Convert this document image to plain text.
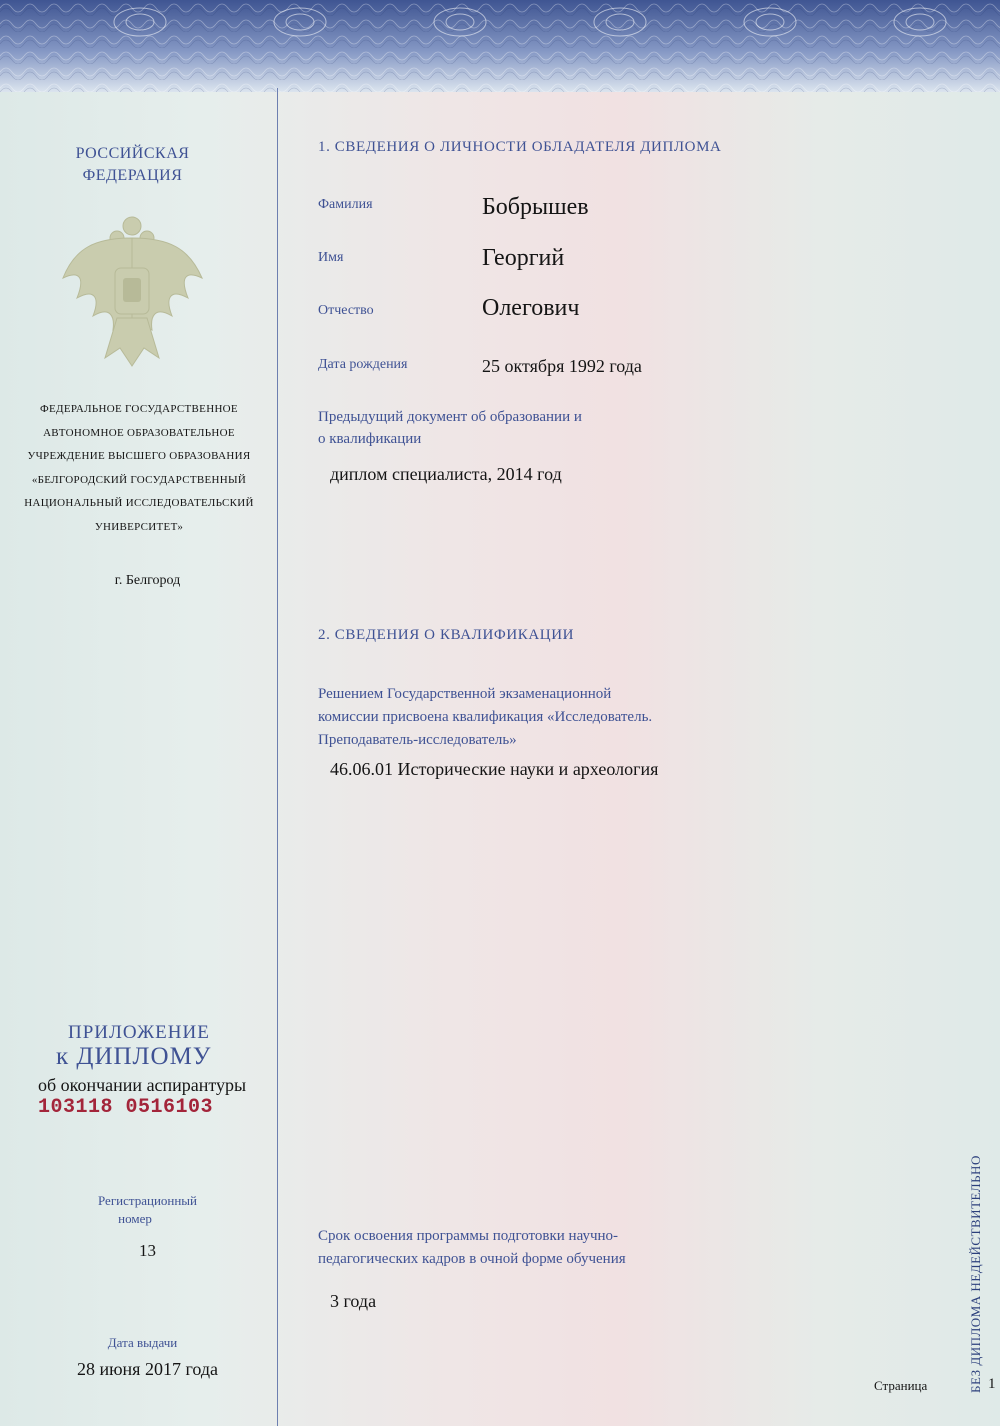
РОССИЙСКАЯ ФЕДЕРАЦИЯ

ФЕДЕРАЛЬНОЕ ГОСУДАРСТВЕННОЕ

АВТОНОМНОЕ ОБРАЗОВАТЕЛЬНОЕ

УЧРЕЖДЕНИЕ ВЫСШЕГО ОБРАЗОВАНИЯ

«БЕЛГОРОДСКИЙ ГОСУДАРСТВЕННЫЙ

НАЦИОНАЛЬНЫЙ ИССЛЕДОВАТЕЛЬСКИЙ

УНИВЕРСИТЕТ»

г. Белгород

ПРИЛОЖЕНИЕ

к ДИПЛОМУ

об окончании аспирантуры

103118 0516103

Регистрационный

номер

13

Дата выдачи

28 июня 2017 года

1. СВЕДЕНИЯ О ЛИЧНОСТИ ОБЛАДАТЕЛЯ ДИПЛОМА

Фамилия	Бобрышев

Имя	Георгий

Отчество	Олегович

Дата рождения	25 октября 1992 года

Предыдущий документ об образовании и

о квалификации

диплом специалиста, 2014 год

2. СВЕДЕНИЯ О КВАЛИФИКАЦИИ

Решением Государственной экзаменационной

комиссии присвоена квалификация «Исследователь.

Преподаватель-исследователь»

46.06.01 Исторические науки и археология

Срок освоения программы подготовки научно-

педагогических кадров в очной форме обучения

3 года	БЕЗ ДИПЛОМА НЕДЕЙСТВИТЕЛЬНО

Страница	1
